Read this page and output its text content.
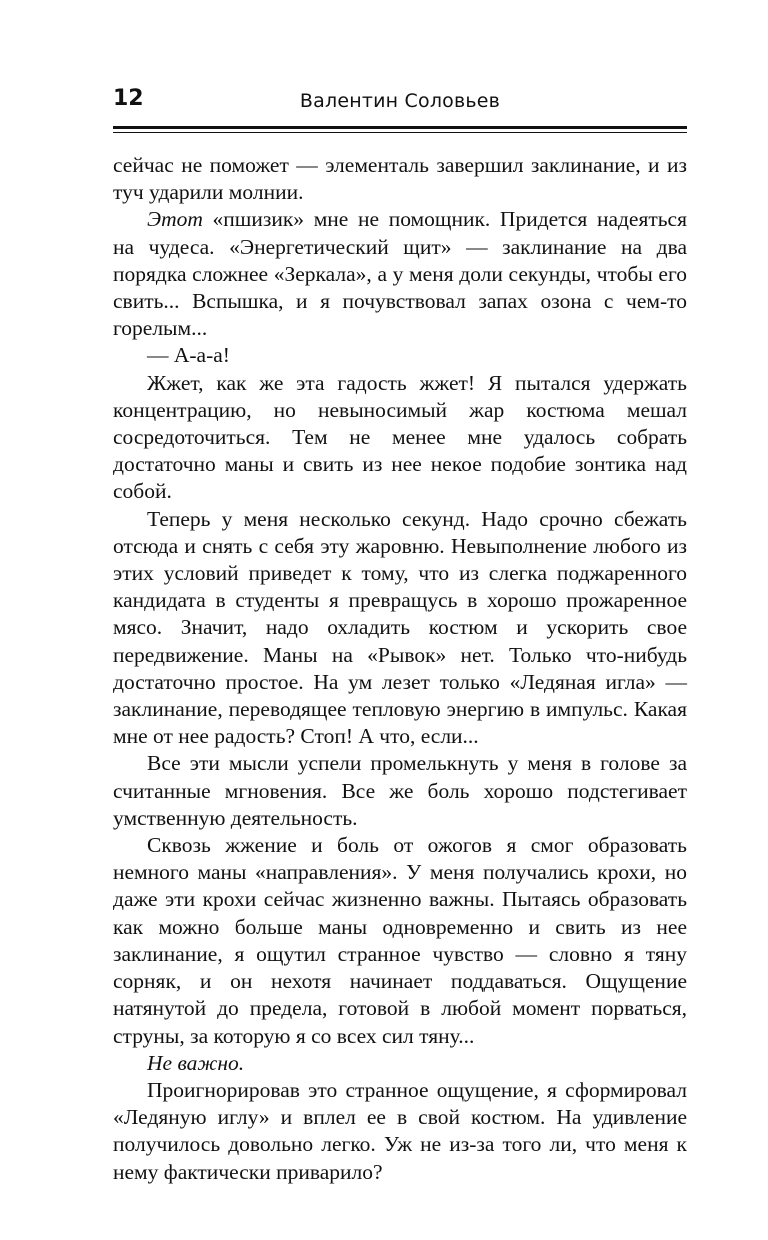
12	Валентин Соловьев

сейчас не поможет — элементаль завершил заклинание, и из туч ударили молнии.

Этот «пшизик» мне не помощник. Придется надеяться на чудеса. «Энергетический щит» — заклинание на два порядка сложнее «Зеркала», а у меня доли секунды, чтобы его свить... Вспышка, и я почувствовал запах озона с чем-то горелым...

— А-а-а!

Жжет, как же эта гадость жжет! Я пытался удержать концентрацию, но невыносимый жар костюма мешал сосредоточиться. Тем не менее мне удалось собрать достаточно маны и свить из нее некое подобие зонтика над собой.

Теперь у меня несколько секунд. Надо срочно сбежать отсюда и снять с себя эту жаровню. Невыполнение любого из этих условий приведет к тому, что из слегка поджаренного кандидата в студенты я превращусь в хорошо прожаренное мясо. Значит, надо охладить костюм и ускорить свое передвижение. Маны на «Рывок» нет. Только что-нибудь достаточно простое. На ум лезет только «Ледяная игла» — заклинание, переводящее тепловую энергию в импульс. Какая мне от нее радость? Стоп! А что, если...

Все эти мысли успели промелькнуть у меня в голове за считанные мгновения. Все же боль хорошо подстегивает умственную деятельность.

Сквозь жжение и боль от ожогов я смог образовать немного маны «направления». У меня получались крохи, но даже эти крохи сейчас жизненно важны. Пытаясь образовать как можно больше маны одновременно и свить из нее заклинание, я ощутил странное чувство — словно я тяну сорняк, и он нехотя начинает поддаваться. Ощущение натянутой до предела, готовой в любой момент порваться, струны, за которую я со всех сил тяну...

Не важно.

Проигнорировав это странное ощущение, я сформировал «Ледяную иглу» и вплел ее в свой костюм. На удивление получилось довольно легко. Уж не из-за того ли, что меня к нему фактически приварило?
